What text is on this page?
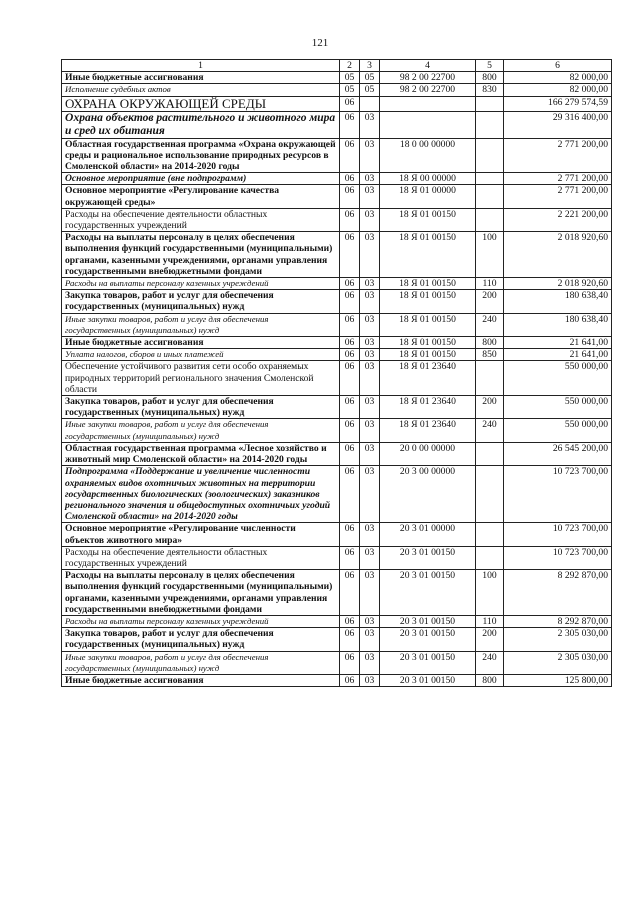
121
1	2	3	4	5	6
Иные бюджетные ассигнования	05	05	98 2 00 22700	800	82 000,00
Исполнение судебных актов	05	05	98 2 00 22700	830	82 000,00
ОХРАНА ОКРУЖАЮЩЕЙ СРЕДЫ	06				166 279 574,59
Охрана объектов растительного и животного мира и сред их обитания	06	03			29 316 400,00
Областная государственная программа «Охрана окружающей среды и рациональное использование природных ресурсов в Смоленской области» на 2014-2020 годы	06	03	18 0 00 00000		2 771 200,00
Основное мероприятие (вне подпрограмм)	06	03	18 Я 00 00000		2 771 200,00
Основное мероприятие «Регулирование качества окружающей среды»	06	03	18 Я 01 00000		2 771 200,00
Расходы на обеспечение деятельности областных государственных учреждений	06	03	18 Я 01 00150		2 221 200,00
Расходы на выплаты персоналу в целях обеспечения выполнения функций государственными (муниципальными) органами, казенными учреждениями, органами управления государственными внебюджетными фондами	06	03	18 Я 01 00150	100	2 018 920,60
Расходы на выплаты персоналу казенных учреждений	06	03	18 Я 01 00150	110	2 018 920,60
Закупка товаров, работ и услуг для обеспечения государственных (муниципальных) нужд	06	03	18 Я 01 00150	200	180 638,40
Иные закупки товаров, работ и услуг для обеспечения государственных (муниципальных) нужд	06	03	18 Я 01 00150	240	180 638,40
Иные бюджетные ассигнования	06	03	18 Я 01 00150	800	21 641,00
Уплата налогов, сборов и иных платежей	06	03	18 Я 01 00150	850	21 641,00
Обеспечение устойчивого развития сети особо охраняемых природных территорий регионального значения Смоленской области	06	03	18 Я 01 23640		550 000,00
Закупка товаров, работ и услуг для обеспечения государственных (муниципальных) нужд	06	03	18 Я 01 23640	200	550 000,00
Иные закупки товаров, работ и услуг для обеспечения государственных (муниципальных) нужд	06	03	18 Я 01 23640	240	550 000,00
Областная государственная программа «Лесное хозяйство и животный мир Смоленской области» на 2014-2020 годы	06	03	20 0 00 00000		26 545 200,00
Подпрограмма «Поддержание и увеличение численности охраняемых видов охотничьих животных на территории государственных биологических (зоологических) заказников регионального значения и общедоступных охотничьих угодий Смоленской области» на 2014-2020 годы	06	03	20 3 00 00000		10 723 700,00
Основное мероприятие «Регулирование численности объектов животного мира»	06	03	20 3 01 00000		10 723 700,00
Расходы на обеспечение деятельности областных государственных учреждений	06	03	20 3 01 00150		10 723 700,00
Расходы на выплаты персоналу в целях обеспечения выполнения функций государственными (муниципальными) органами, казенными учреждениями, органами управления государственными внебюджетными фондами	06	03	20 3 01 00150	100	8 292 870,00
Расходы на выплаты персоналу казенных учреждений	06	03	20 3 01 00150	110	8 292 870,00
Закупка товаров, работ и услуг для обеспечения государственных (муниципальных) нужд	06	03	20 3 01 00150	200	2 305 030,00
Иные закупки товаров, работ и услуг для обеспечения государственных (муниципальных) нужд	06	03	20 3 01 00150	240	2 305 030,00
Иные бюджетные ассигнования	06	03	20 3 01 00150	800	125 800,00
